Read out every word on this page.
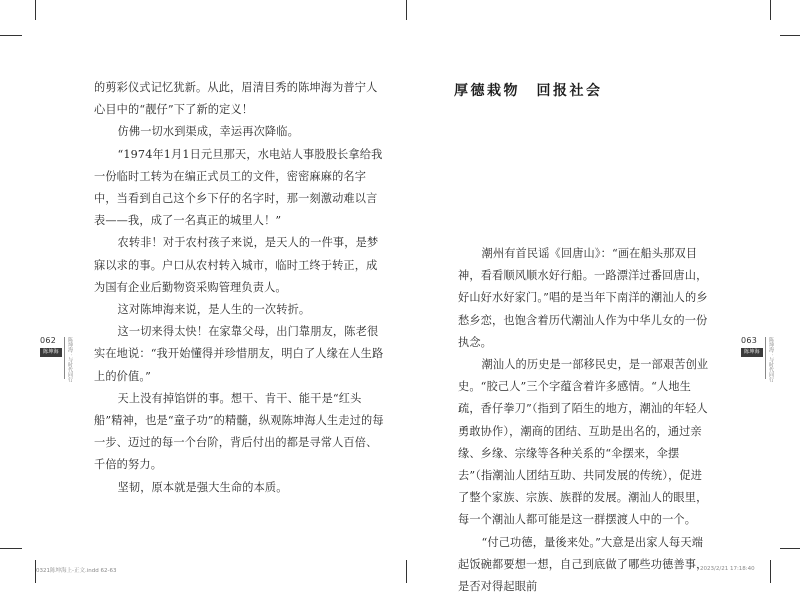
的剪彩仪式记忆犹新。从此，眉清目秀的陈坤海为普宁人心目中的“靓仔”下了新的定义！

仿佛一切水到渠成，幸运再次降临。

“1974年1月1日元旦那天，水电站人事股股长拿给我一份临时工转为在编正式员工的文件，密密麻麻的名字中，当看到自己这个乡下仔的名字时，那一刻激动难以言表——我，成了一名真正的城里人！”

农转非！对于农村孩子来说，是天人的一件事，是梦寐以求的事。户口从农村转入城市，临时工终于转正，成为国有企业后勤物资采购管理负责人。

这对陈坤海来说，是人生的一次转折。

这一切来得太快！在家靠父母，出门靠朋友，陈老很实在地说：“我开始懂得并珍惜朋友，明白了人缘在人生路上的价值。”

天上没有掉馅饼的事。想干、肯干、能干是“红头船”精神，也是“童子功”的精髓，纵观陈坤海人生走过的每一步、迈过的每一个台阶，背后付出的都是寻常人百倍、千倍的努力。

坚韧，原本就是强大生命的本质。

062
陈坤海	陈坤海：与时代同行
厚德栽物　回报社会

潮州有首民谣《回唐山》：“画在船头那双目神，看看顺风顺水好行船。一路漂洋过番回唐山，好山好水好家门。”唱的是当年下南洋的潮汕人的乡愁乡恋，也饱含着历代潮汕人作为中华儿女的一份执念。

潮汕人的历史是一部移民史，是一部艰苦创业史。“胶己人”三个字蕴含着许多感情。“人地生疏，香仔拳刀”（指到了陌生的地方，潮汕的年轻人勇敢协作），潮商的团结、互助是出名的，通过亲缘、乡缘、宗缘等各种关系的“伞摆来，伞摆去”（指潮汕人团结互助、共同发展的传统），促进了整个家族、宗族、族群的发展。潮汕人的眼里，每一个潮汕人都可能是这一群摆渡人中的一个。

“付己功德，量後来处。”大意是出家人每天端起饭碗都要想一想，自己到底做了哪些功德善事，是否对得起眼前

063
陈坤海	陈坤海：与时代同行
0321陈坤海上-正文.indd 62-63	2023/2/21 17:18:40
